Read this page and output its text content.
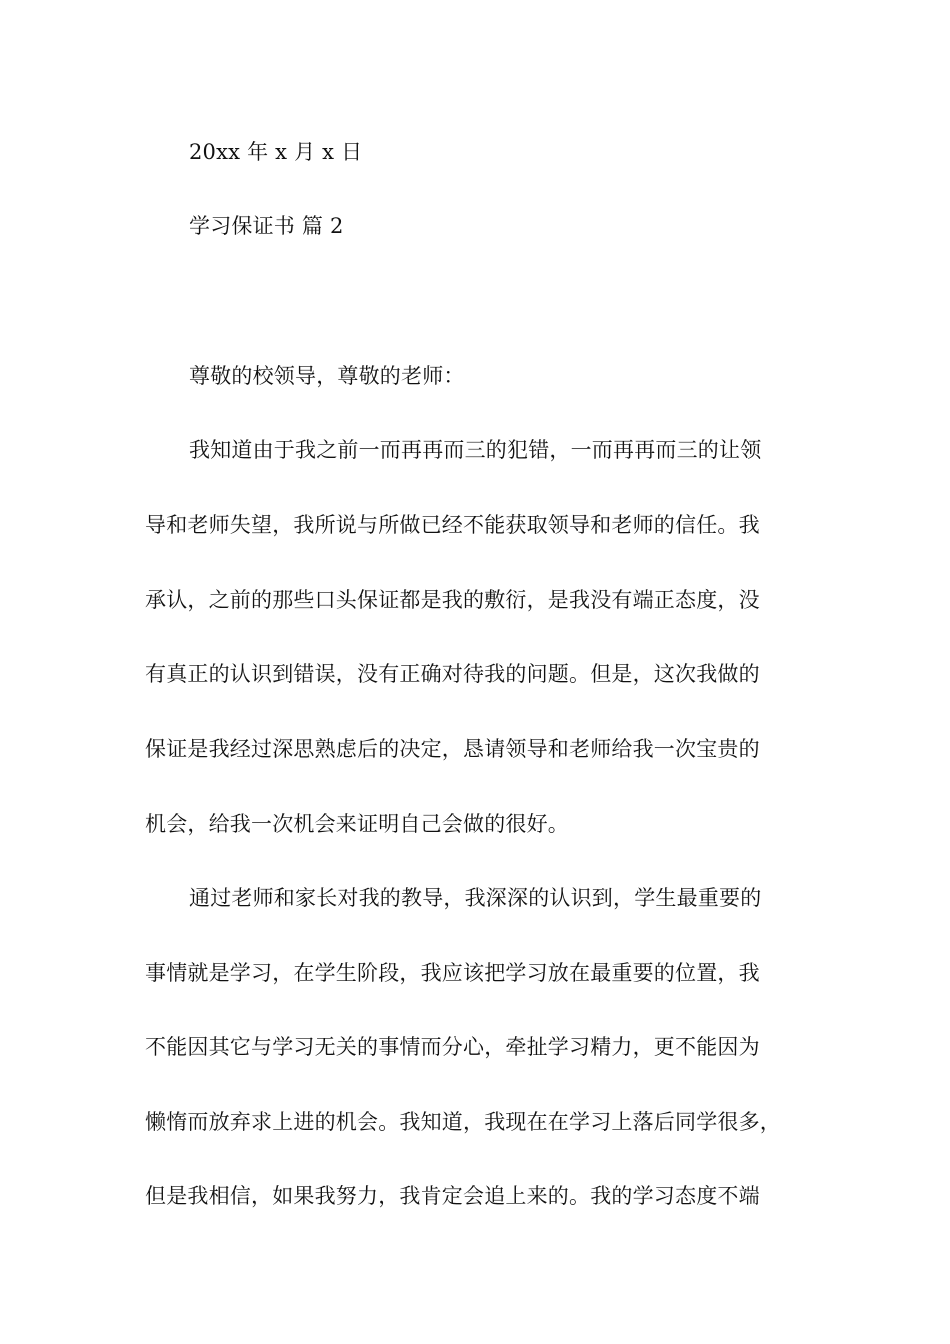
20xx 年 x 月 x 日
学习保证书 篇 2
尊敬的校领导，尊敬的老师：
我知道由于我之前一而再再而三的犯错，一而再再而三的让领
导和老师失望，我所说与所做已经不能获取领导和老师的信任。我
承认，之前的那些口头保证都是我的敷衍，是我没有端正态度，没
有真正的认识到错误，没有正确对待我的问题。但是，这次我做的
保证是我经过深思熟虑后的决定，恳请领导和老师给我一次宝贵的
机会，给我一次机会来证明自己会做的很好。
通过老师和家长对我的教导，我深深的认识到，学生最重要的
事情就是学习，在学生阶段，我应该把学习放在最重要的位置，我
不能因其它与学习无关的事情而分心，牵扯学习精力，更不能因为
懒惰而放弃求上进的机会。我知道，我现在在学习上落后同学很多，
但是我相信，如果我努力，我肯定会追上来的。我的学习态度不端
